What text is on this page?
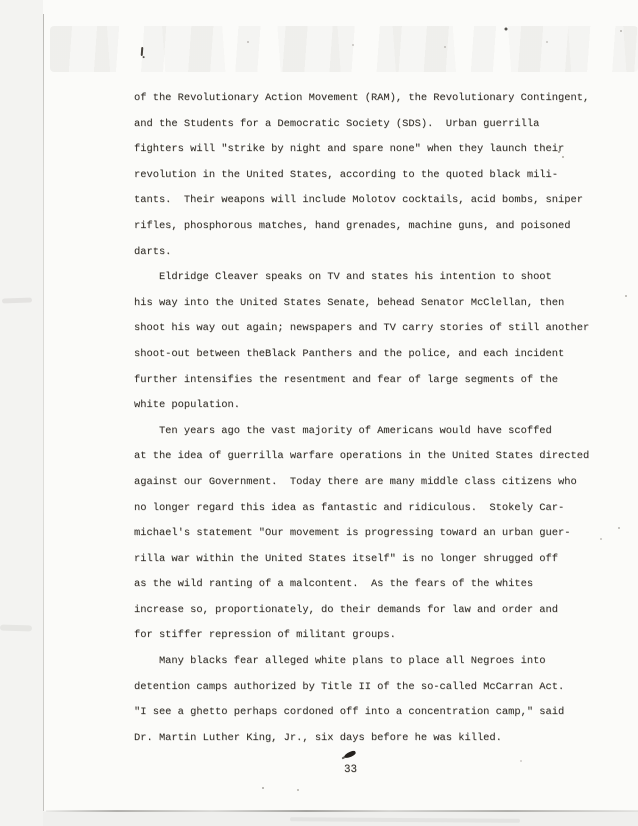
of the Revolutionary Action Movement (RAM), the Revolutionary Contingent,
and the Students for a Democratic Society (SDS).  Urban guerrilla
fighters will "strike by night and spare none" when they launch their
revolution in the United States, according to the quoted black mili-
tants.  Their weapons will include Molotov cocktails, acid bombs, sniper
rifles, phosphorous matches, hand grenades, machine guns, and poisoned
darts.
Eldridge Cleaver speaks on TV and states his intention to shoot
his way into the United States Senate, behead Senator McClellan, then
shoot his way out again; newspapers and TV carry stories of still another
shoot-out between theBlack Panthers and the police, and each incident
further intensifies the resentment and fear of large segments of the
white population.
Ten years ago the vast majority of Americans would have scoffed
at the idea of guerrilla warfare operations in the United States directed
against our Government.  Today there are many middle class citizens who
no longer regard this idea as fantastic and ridiculous.  Stokely Car-
michael's statement "Our movement is progressing toward an urban guer-
rilla war within the United States itself" is no longer shrugged off
as the wild ranting of a malcontent.  As the fears of the whites
increase so, proportionately, do their demands for law and order and
for stiffer repression of militant groups.
Many blacks fear alleged white plans to place all Negroes into
detention camps authorized by Title II of the so-called McCarran Act.
"I see a ghetto perhaps cordoned off into a concentration camp," said
Dr. Martin Luther King, Jr., six days before he was killed.
33
